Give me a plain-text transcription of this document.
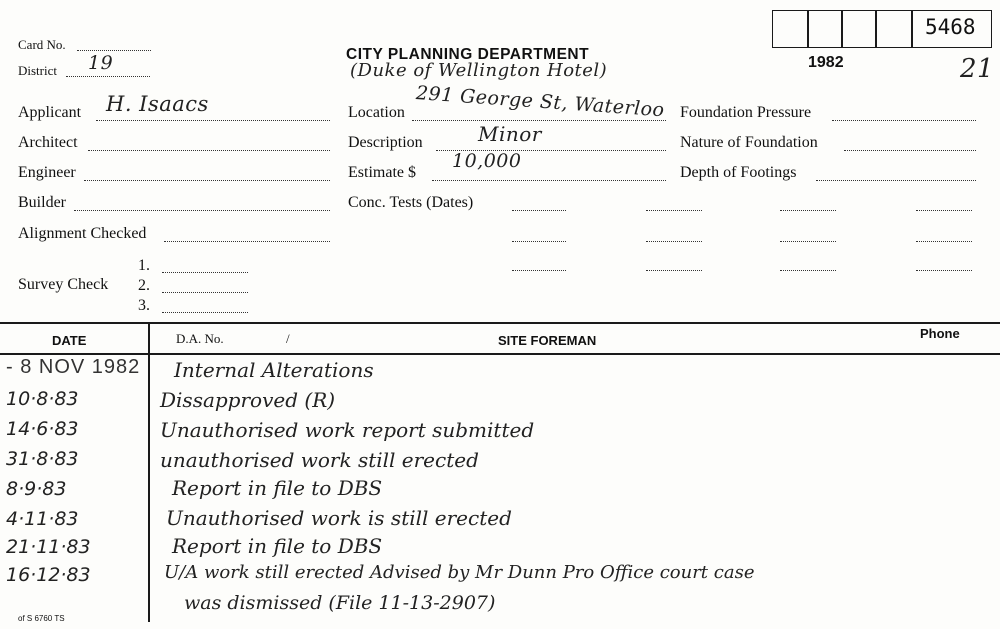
Card No.
District 19	CITY PLANNING DEPARTMENT
(Duke of Wellington Hotel)	1982	21
5468
Applicant H. Isaacs
Architect
Engineer
Builder
Alignment Checked
Survey Check
1.
2.
3.
Location 291 George St, Waterloo
Description	Minor
Estimate $
10,000
Conc. Tests (Dates)
Foundation Pressure
Nature of Foundation
Depth of Footings
DATE	D.A. No.	/	SITE FOREMAN	Phone
- 8 NOV 1982 Internal Alterations
10·8·83	Dissapproved (R)
14·6·83	Unauthorised work report submitted
31·8·83	unauthorised work still erected
8·9·83	Report in file to DBS
4·11·83	Unauthorised work is still erected
21·11·83	Report in file to DBS
16·12·83	U/A work still erected Advised by Mr Dunn Pro Office court case
was dismissed (File 11-13-2907)
of S 6760 TS
